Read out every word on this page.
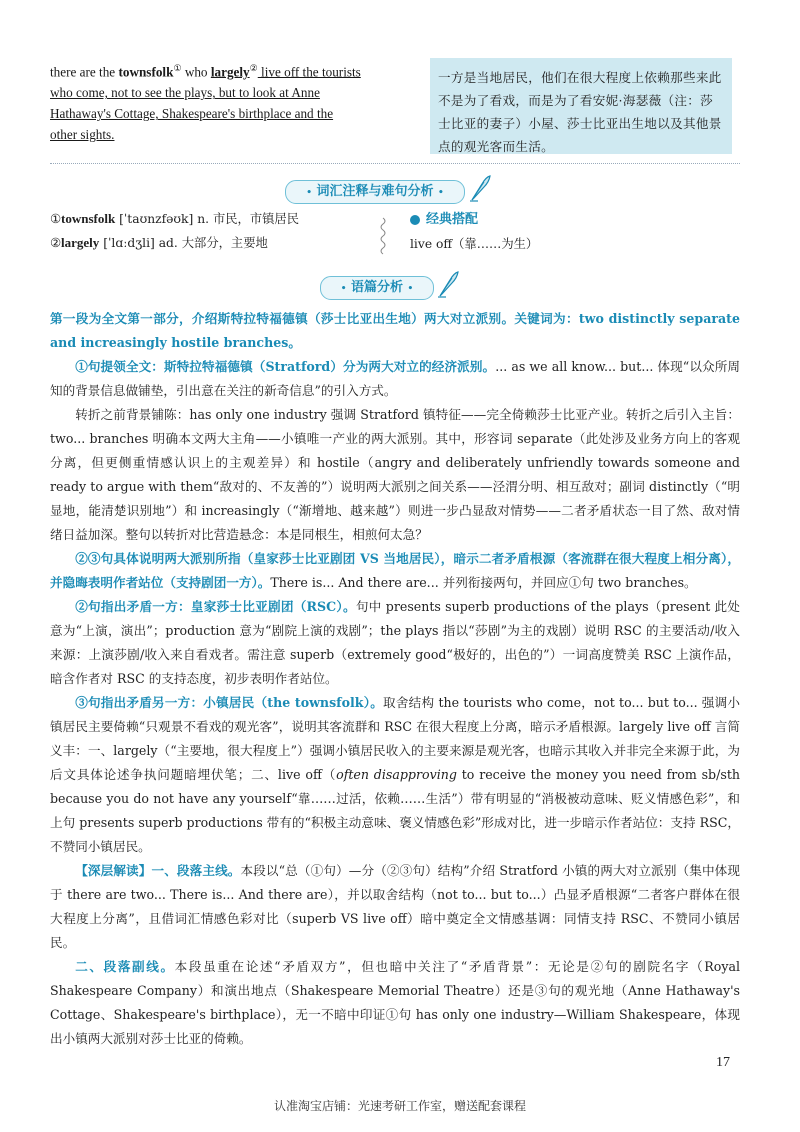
there are the townsfolk① who largely② live off the tourists
who come, not to see the plays, but to look at Anne
Hathaway's Cottage, Shakespeare's birthplace and the
other sights.
一方是当地居民，他们在很大程度上依赖那些来此不是为了看戏，而是为了看安妮·海瑟薇（注：莎士比亚的妻子）小屋、莎士比亚出生地以及其他景点的观光客而生活。
• 词汇注释与难句分析 •
①townsfolk [ˈtaʊnzfəʊk] n. 市民，市镇居民
②largely [ˈlɑːdʒli] ad. 大部分，主要地
经典搭配
live off（靠……为生）
• 语篇分析 •

第一段为全文第一部分，介绍斯特拉特福德镇（莎士比亚出生地）两大对立派别。关键词为：two distinctly separate and increasingly hostile branches。

①句提领全文：斯特拉特福德镇（Stratford）分为两大对立的经济派别。... as we all know... but... 体现“以众所周知的背景信息做铺垫，引出意在关注的新奇信息”的引入方式。

转折之前背景铺陈：has only one industry 强调 Stratford 镇特征——完全倚赖莎士比亚产业。转折之后引入主旨：two... branches 明确本文两大主角——小镇唯一产业的两大派别。其中，形容词 separate（此处涉及业务方向上的客观分离，但更侧重情感认识上的主观差异）和 hostile（angry and deliberately unfriendly towards someone and ready to argue with them“敌对的、不友善的”）说明两大派别之间关系——泾渭分明、相互敌对；副词 distinctly（“明显地，能清楚识别地”）和 increasingly（“渐增地、越来越”）则进一步凸显敌对情势——二者矛盾状态一目了然、敌对情绪日益加深。整句以转折对比营造悬念：本是同根生，相煎何太急？

②③句具体说明两大派别所指（皇家莎士比亚剧团 VS 当地居民），暗示二者矛盾根源（客流群在很大程度上相分离），并隐晦表明作者站位（支持剧团一方）。There is... And there are... 并列衔接两句，并回应①句 two branches。

②句指出矛盾一方：皇家莎士比亚剧团（RSC）。句中 presents superb productions of the plays（present 此处意为“上演，演出”；production 意为“剧院上演的戏剧”；the plays 指以“莎剧”为主的戏剧）说明 RSC 的主要活动/收入来源：上演莎剧/收入来自看戏者。需注意 superb（extremely good“极好的，出色的”）一词高度赞美 RSC 上演作品，暗含作者对 RSC 的支持态度，初步表明作者站位。

③句指出矛盾另一方：小镇居民（the townsfolk）。取舍结构 the tourists who come，not to... but to... 强调小镇居民主要倚赖“只观景不看戏的观光客”，说明其客流群和 RSC 在很大程度上分离，暗示矛盾根源。largely live off 言简义丰：一、largely（“主要地，很大程度上”）强调小镇居民收入的主要来源是观光客，也暗示其收入并非完全来源于此，为后文具体论述争执问题暗埋伏笔；二、live off（often disapproving to receive the money you need from sb/sth because you do not have any yourself“靠……过活，依赖……生活”）带有明显的“消极被动意味、贬义情感色彩”，和上句 presents superb productions 带有的“积极主动意味、褒义情感色彩”形成对比，进一步暗示作者站位：支持 RSC，不赞同小镇居民。

【深层解读】一、段落主线。本段以“总（①句）—分（②③句）结构”介绍 Stratford 小镇的两大对立派别（集中体现于 there are two... There is... And there are），并以取舍结构（not to... but to...）凸显矛盾根源“二者客户群体在很大程度上分离”，且借词汇情感色彩对比（superb VS live off）暗中奠定全文情感基调：同情支持 RSC、不赞同小镇居民。

二、段落副线。本段虽重在论述“矛盾双方”，但也暗中关注了“矛盾背景”：无论是②句的剧院名字（Royal Shakespeare Company）和演出地点（Shakespeare Memorial Theatre）还是③句的观光地（Anne Hathaway's Cottage、Shakespeare's birthplace），无一不暗中印证①句 has only one industry—William Shakespeare，体现出小镇两大派别对莎士比亚的倚赖。

17
认准淘宝店铺：光速考研工作室，赠送配套课程
